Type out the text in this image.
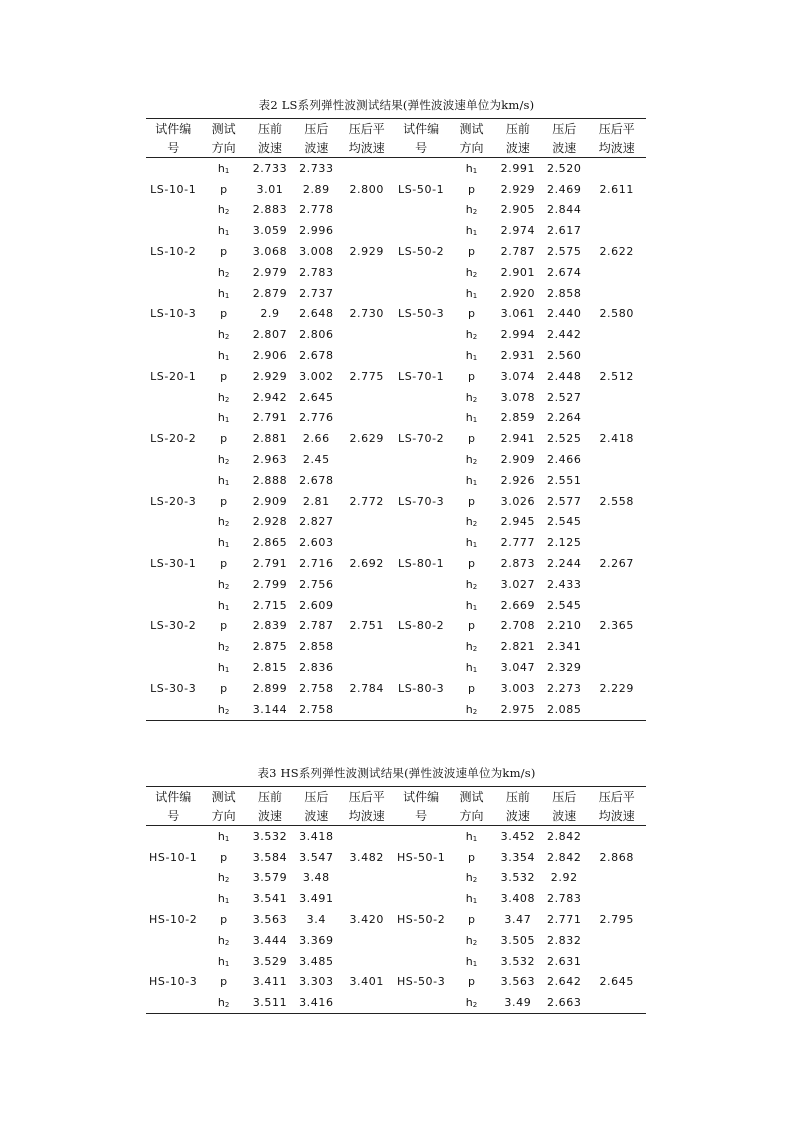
表2 LS系列弹性波测试结果(弹性波波速单位为km/s)
试件编	测试	压前	压后	压后平	试件编	测试	压前	压后	压后平
号	方向	波速	波速	均波速	号	方向	波速	波速	均波速
	h1	2.733	2.733			h1	2.991	2.520	
LS-10-1	p	3.01	2.89	2.800	LS-50-1	p	2.929	2.469	2.611
	h2	2.883	2.778			h2	2.905	2.844	
	h1	3.059	2.996			h1	2.974	2.617	
LS-10-2	p	3.068	3.008	2.929	LS-50-2	p	2.787	2.575	2.622
	h2	2.979	2.783			h2	2.901	2.674	
	h1	2.879	2.737			h1	2.920	2.858	
LS-10-3	p	2.9	2.648	2.730	LS-50-3	p	3.061	2.440	2.580
	h2	2.807	2.806			h2	2.994	2.442	
	h1	2.906	2.678			h1	2.931	2.560	
LS-20-1	p	2.929	3.002	2.775	LS-70-1	p	3.074	2.448	2.512
	h2	2.942	2.645			h2	3.078	2.527	
	h1	2.791	2.776			h1	2.859	2.264	
LS-20-2	p	2.881	2.66	2.629	LS-70-2	p	2.941	2.525	2.418
	h2	2.963	2.45			h2	2.909	2.466	
	h1	2.888	2.678			h1	2.926	2.551	
LS-20-3	p	2.909	2.81	2.772	LS-70-3	p	3.026	2.577	2.558
	h2	2.928	2.827			h2	2.945	2.545	
	h1	2.865	2.603			h1	2.777	2.125	
LS-30-1	p	2.791	2.716	2.692	LS-80-1	p	2.873	2.244	2.267
	h2	2.799	2.756			h2	3.027	2.433	
	h1	2.715	2.609			h1	2.669	2.545	
LS-30-2	p	2.839	2.787	2.751	LS-80-2	p	2.708	2.210	2.365
	h2	2.875	2.858			h2	2.821	2.341	
	h1	2.815	2.836			h1	3.047	2.329	
LS-30-3	p	2.899	2.758	2.784	LS-80-3	p	3.003	2.273	2.229
	h2	3.144	2.758			h2	2.975	2.085	
表3 HS系列弹性波测试结果(弹性波波速单位为km/s)
试件编	测试	压前	压后	压后平	试件编	测试	压前	压后	压后平
号	方向	波速	波速	均波速	号	方向	波速	波速	均波速
	h1	3.532	3.418			h1	3.452	2.842	
HS-10-1	p	3.584	3.547	3.482	HS-50-1	p	3.354	2.842	2.868
	h2	3.579	3.48			h2	3.532	2.92	
	h1	3.541	3.491			h1	3.408	2.783	
HS-10-2	p	3.563	3.4	3.420	HS-50-2	p	3.47	2.771	2.795
	h2	3.444	3.369			h2	3.505	2.832	
	h1	3.529	3.485			h1	3.532	2.631	
HS-10-3	p	3.411	3.303	3.401	HS-50-3	p	3.563	2.642	2.645
	h2	3.511	3.416			h2	3.49	2.663	
